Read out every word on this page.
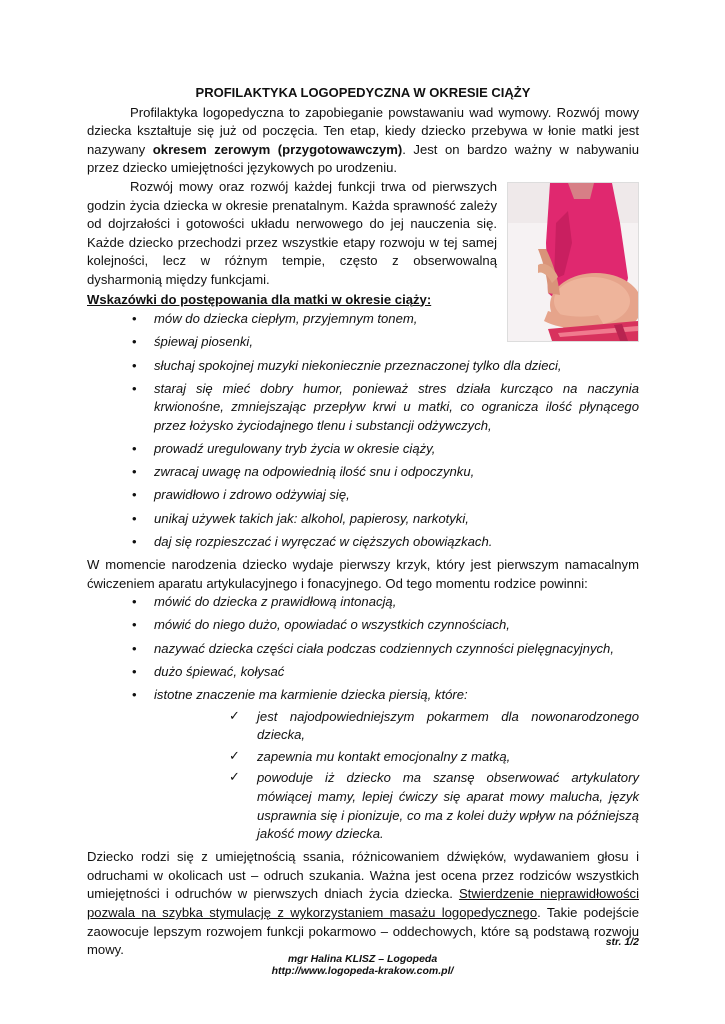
PROFILAKTYKA LOGOPEDYCZNA W OKRESIE CIĄŻY

Profilaktyka logopedyczna to zapobieganie powstawaniu wad wymowy. Rozwój mowy dziecka kształtuje się już od poczęcia. Ten etap, kiedy dziecko przebywa w łonie matki jest nazywany okresem zerowym (przygotowawczym). Jest on bardzo ważny w nabywaniu przez dziecko umiejętności językowych po urodzeniu.

Rozwój mowy oraz rozwój każdej funkcji trwa od pierwszych godzin życia dziecka w okresie prenatalnym. Każda sprawność zależy od dojrzałości i gotowości układu nerwowego do jej nauczenia się. Każde dziecko przechodzi przez wszystkie etapy rozwoju w tej samej kolejności, lecz w różnym tempie, często z obserwowalną dysharmonią między funkcjami.

Wskazówki do postępowania dla matki w okresie ciąży:
• mów do dziecka ciepłym, przyjemnym tonem,
• śpiewaj piosenki,
• słuchaj spokojnej muzyki niekoniecznie przeznaczonej tylko dla dzieci,
• staraj się mieć dobry humor, ponieważ stres działa kurcząco na naczynia krwionośne, zmniejszając przepływ krwi u matki, co ogranicza ilość płynącego przez łożysko życiodajnego tlenu i substancji odżywczych,
• prowadź uregulowany tryb życia w okresie ciąży,
• zwracaj uwagę na odpowiednią ilość snu i odpoczynku,
• prawidłowo i zdrowo odżywiaj się,
• unikaj używek takich jak: alkohol, papierosy, narkotyki,
• daj się rozpieszczać i wyręczać w cięższych obowiązkach.

W momencie narodzenia dziecko wydaje pierwszy krzyk, który jest pierwszym namacalnym ćwiczeniem aparatu artykulacyjnego i fonacyjnego. Od tego momentu rodzice powinni:

• mówić do dziecka z prawidłową intonacją,
• mówić do niego dużo, opowiadać o wszystkich czynnościach,
• nazywać dziecka części ciała podczas codziennych czynności pielęgnacyjnych,
• dużo śpiewać, kołysać
• istotne znaczenie ma karmienie dziecka piersią, które:
✓ jest najodpowiedniejszym pokarmem dla nowonarodzonego dziecka,
✓ zapewnia mu kontakt emocjonalny z matką,
✓ powoduje iż dziecko ma szansę obserwować artykulatory mówiącej mamy, lepiej ćwiczy się aparat mowy malucha, język usprawnia się i pionizuje, co ma z kolei duży wpływ na późniejszą jakość mowy dziecka.

Dziecko rodzi się z umiejętnością ssania, różnicowaniem dźwięków, wydawaniem głosu i odruchami w okolicach ust – odruch szukania. Ważna jest ocena przez rodziców wszystkich umiejętności i odruchów w pierwszych dniach życia dziecka. Stwierdzenie nieprawidłowości pozwala na szybka stymulację z wykorzystaniem masażu logopedycznego. Takie podejście zaowocuje lepszym rozwojem funkcji pokarmowo – oddechowych, które są podstawą rozwoju mowy.

str. 1/2
mgr Halina KLISZ – Logopeda
http://www.logopeda-krakow.com.pl/
